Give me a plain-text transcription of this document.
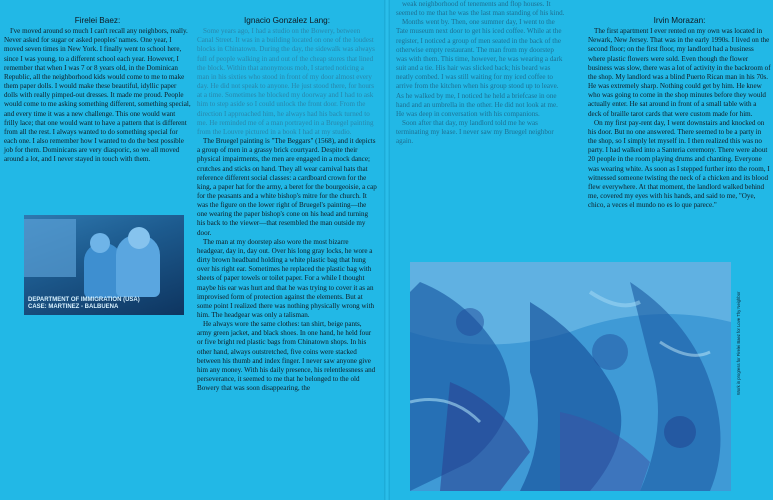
Firelei Baez:

I've moved around so much I can't recall any neighbors, really. Never asked for sugar or asked peoples' names. One year, I moved seven times in New York. I finally went to school here, since I was young, to a different school each year. However, I remember that when I was 7 or 8 years old, in the Dominican Republic, all the neighborhood kids would come to me to make them paper dolls. I would make these beautiful, idyllic paper dolls with really pimped-out dresses. It made me proud. People would come to me asking something different, something special, and every time it was a new challenge. This one would want frilly lace; that one would want to have a pattern that is different from all the rest. I always wanted to do something special for each one. I also remember how I wanted to do the best possible job for them. Dominicans are very diasporic, so we all moved around a lot, and I never stayed in touch with them.

DEPARTMENT OF IMMIGRATION (USA)
CASE: MARTINEZ - BALBUENA
Ignacio Gonzalez Lang:

Some years ago, I had a studio on the Bowery, between Canal Street. It was in a building located on one of the loudest blocks in Chinatown. During the day, the sidewalk was always full of people walking in and out of the cheap stores that lined the block. Within that anonymous mob, I started noticing a man in his sixties who stood in front of my door almost every day. He did not speak to anyone. He just stood there, for hours at a time. Sometimes he blocked my doorway and I had to ask him to step aside so I could unlock the front door. From the direction I approached him, he always had his back turned to me. He reminded me of a man portrayed in a Bruegel painting from the Louvre pictured in a book I had at my studio.

The Bruegel painting is "The Beggars" (1568), and it depicts a group of men in a grassy brick courtyard. Despite their physical impairments, the men are engaged in a mock dance; crutches and sticks on hand. They all wear carnival hats that reference different social classes: a cardboard crown for the king, a paper hat for the army, a beret for the bourgeoisie, a cap for the peasants and a white bishop's mitre for the church. It was the figure on the lower right of Bruegel's painting—the one wearing the paper bishop's cone on his head and turning his back to the viewer—that resembled the man outside my door.

The man at my doorstep also wore the most bizarre headgear, day in, day out. Over his long gray locks, he wore a dirty brown headband holding a white plastic bag that hung over his right ear. Sometimes he replaced the plastic bag with sheets of paper towels or toilet paper. For a while I thought maybe his ear was hurt and that he was trying to cover it as an improvised form of protection against the elements. But at some point I realized there was nothing physically wrong with him. The headgear was only a talisman.

He always wore the same clothes: tan shirt, beige pants, army green jacket, and black shoes. In one hand, he held four or five bright red plastic bags from Chinatown shops. In his other hand, always outstretched, five coins were stacked between his thumb and index finger. I never saw anyone give him any money. With his daily presence, his relentlessness and perseverance, it seemed to me that he belonged to the old Bowery that was soon disappearing, the

weak neighborhood of tenements and flop houses. It seemed to me that he was the last man standing of his kind.

Months went by. Then, one summer day, I went to the Tate museum next door to get his iced coffee. While at the register, I noticed a group of men seated in the back of the otherwise empty restaurant. The man from my doorstep was with them. This time, however, he was wearing a dark suit and a tie. His hair was slicked back; his beard was neatly combed. I was still waiting for my iced coffee to arrive from the kitchen when his group stood up to leave. As he walked by me, I noticed he held a briefcase in one hand and an umbrella in the other. He did not look at me. He was deep in conversation with his companions.

Soon after that day, my landlord told me he was terminating my lease. I never saw my Bruegel neighbor again.

Irvin Morazan:

The first apartment I ever rented on my own was located in Newark, New Jersey. That was in the early 1990s. I lived on the second floor; on the first floor, my landlord had a business where plastic flowers were sold. Even though the flower business was slow, there was a lot of activity in the backroom of the shop. My landlord was a blind Puerto Rican man in his 70s. He was extremely sharp. Nothing could get by him. He knew who was going to come in the shop minutes before they would actually enter. He sat around in front of a small table with a deck of braille tarot cards that were custom made for him.

On my first pay-rent day, I went downstairs and knocked on his door. But no one answered. There seemed to be a party in the shop, so I simply let myself in. I then realized this was no party. I had walked into a Santeria ceremony. There were about 20 people in the room playing drums and chanting. Everyone was wearing white. As soon as I stepped further into the room, I witnessed someone twisting the neck of a chicken and its blood flew everywhere. At that moment, the landlord walked behind me, covered my eyes with his hands, and said to me, "Oye, chico, a veces el mundo no es lo que parece."

Work in progress for Firelei Baez for Love Thy Neighbor
